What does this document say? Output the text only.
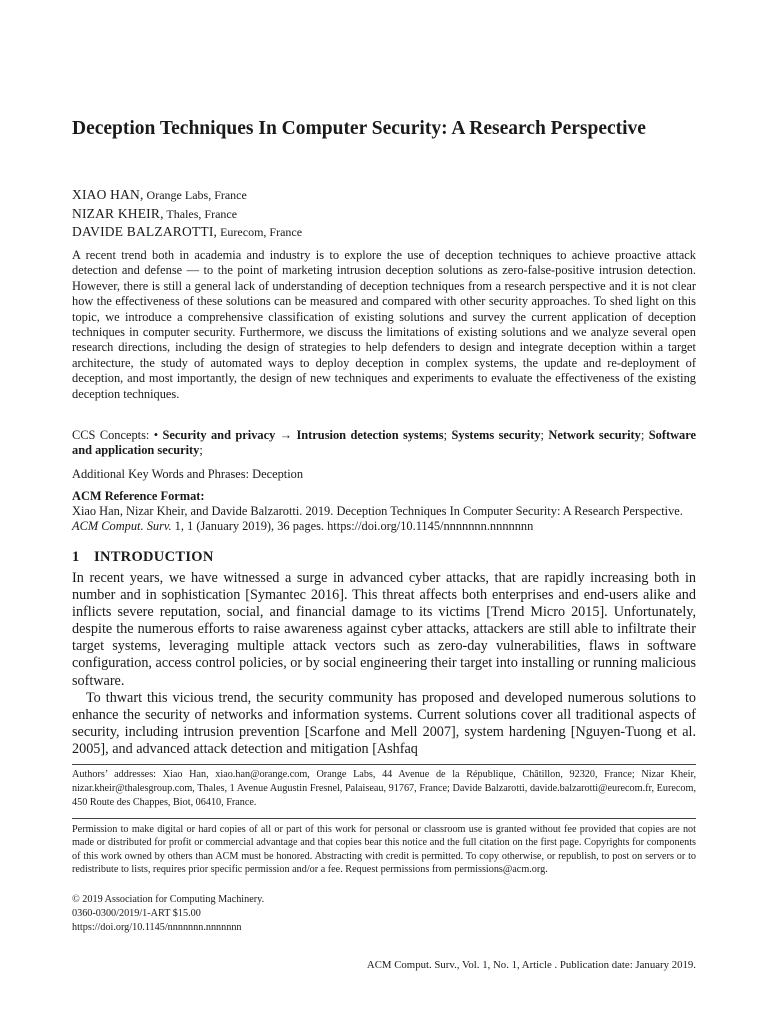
Deception Techniques In Computer Security: A Research Perspective
XIAO HAN, Orange Labs, France
NIZAR KHEIR, Thales, France
DAVIDE BALZAROTTI, Eurecom, France

A recent trend both in academia and industry is to explore the use of deception techniques to achieve proactive attack detection and defense — to the point of marketing intrusion deception solutions as zero-false-positive intrusion detection. However, there is still a general lack of understanding of deception techniques from a research perspective and it is not clear how the effectiveness of these solutions can be measured and compared with other security approaches. To shed light on this topic, we introduce a comprehensive classification of existing solutions and survey the current application of deception techniques in computer security. Furthermore, we discuss the limitations of existing solutions and we analyze several open research directions, including the design of strategies to help defenders to design and integrate deception within a target architecture, the study of automated ways to deploy deception in complex systems, the update and re-deployment of deception, and most importantly, the design of new techniques and experiments to evaluate the effectiveness of the existing deception techniques.

CCS Concepts: • Security and privacy → Intrusion detection systems; Systems security; Network security; Software and application security;

Additional Key Words and Phrases: Deception

ACM Reference Format:

Xiao Han, Nizar Kheir, and Davide Balzarotti. 2019. Deception Techniques In Computer Security: A Research Perspective. ACM Comput. Surv. 1, 1 (January 2019), 36 pages. https://doi.org/10.1145/nnnnnnn.nnnnnnn

1 INTRODUCTION
In recent years, we have witnessed a surge in advanced cyber attacks, that are rapidly increasing both in number and in sophistication [Symantec 2016]. This threat affects both enterprises and end-users alike and inflicts severe reputation, social, and financial damage to its victims [Trend Micro 2015]. Unfortunately, despite the numerous efforts to raise awareness against cyber attacks, attackers are still able to infiltrate their target systems, leveraging multiple attack vectors such as zero-day vulnerabilities, flaws in software configuration, access control policies, or by social engineering their target into installing or running malicious software.
To thwart this vicious trend, the security community has proposed and developed numerous solutions to enhance the security of networks and information systems. Current solutions cover all traditional aspects of security, including intrusion prevention [Scarfone and Mell 2007], system hardening [Nguyen-Tuong et al. 2005], and advanced attack detection and mitigation [Ashfaq

Authors’ addresses: Xiao Han, xiao.han@orange.com, Orange Labs, 44 Avenue de la République, Châtillon, 92320, France; Nizar Kheir, nizar.kheir@thalesgroup.com, Thales, 1 Avenue Augustin Fresnel, Palaiseau, 91767, France; Davide Balzarotti, davide.balzarotti@eurecom.fr, Eurecom, 450 Route des Chappes, Biot, 06410, France.

Permission to make digital or hard copies of all or part of this work for personal or classroom use is granted without fee provided that copies are not made or distributed for profit or commercial advantage and that copies bear this notice and the full citation on the first page. Copyrights for components of this work owned by others than ACM must be honored. Abstracting with credit is permitted. To copy otherwise, or republish, to post on servers or to redistribute to lists, requires prior specific permission and/or a fee. Request permissions from permissions@acm.org.

© 2019 Association for Computing Machinery.

0360-0300/2019/1-ART $15.00

https://doi.org/10.1145/nnnnnnn.nnnnnnn

ACM Comput. Surv., Vol. 1, No. 1, Article . Publication date: January 2019.
